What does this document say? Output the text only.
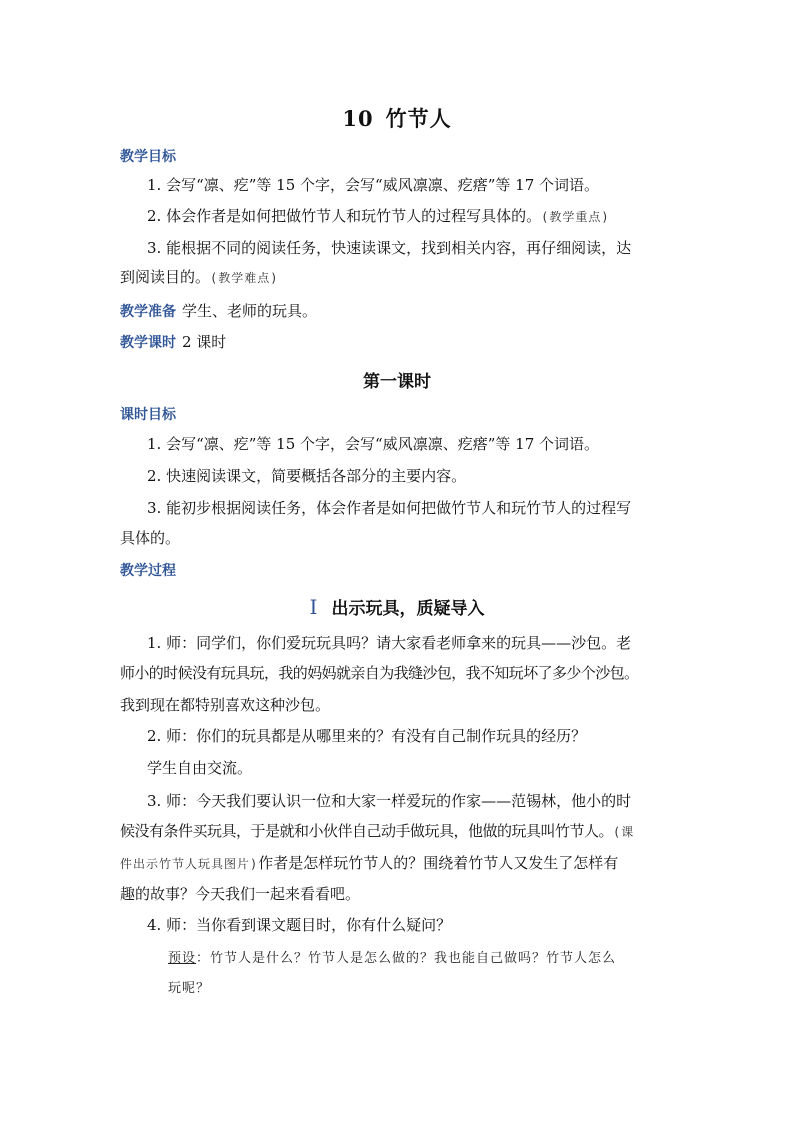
10 竹节人
教学目标
1. 会写“凛、疙”等 15 个字，会写“威风凛凛、疙瘩”等 17 个词语。
2. 体会作者是如何把做竹节人和玩竹节人的过程写具体的。(教学重点)
3. 能根据不同的阅读任务，快速读课文，找到相关内容，再仔细阅读，达
到阅读目的。(教学难点)
教学准备 学生、老师的玩具。
教学课时 2 课时
第一课时
课时目标
1. 会写“凛、疙”等 15 个字，会写“威风凛凛、疙瘩”等 17 个词语。
2. 快速阅读课文，简要概括各部分的主要内容。
3. 能初步根据阅读任务，体会作者是如何把做竹节人和玩竹节人的过程写
具体的。
教学过程
Ⅰ 出示玩具，质疑导入
1. 师：同学们，你们爱玩玩具吗？请大家看老师拿来的玩具——沙包。老
师小的时候没有玩具玩，我的妈妈就亲自为我缝沙包，我不知玩坏了多少个沙包。
我到现在都特别喜欢这种沙包。
2. 师：你们的玩具都是从哪里来的？有没有自己制作玩具的经历？
学生自由交流。
3. 师：今天我们要认识一位和大家一样爱玩的作家——范锡林，他小的时
候没有条件买玩具，于是就和小伙伴自己动手做玩具，他做的玩具叫竹节人。(课
件出示竹节人玩具图片)作者是怎样玩竹节人的？围绕着竹节人又发生了怎样有
趣的故事？今天我们一起来看看吧。
4. 师：当你看到课文题目时，你有什么疑问？
预设：竹节人是什么？竹节人是怎么做的？我也能自己做吗？竹节人怎么
玩呢？
